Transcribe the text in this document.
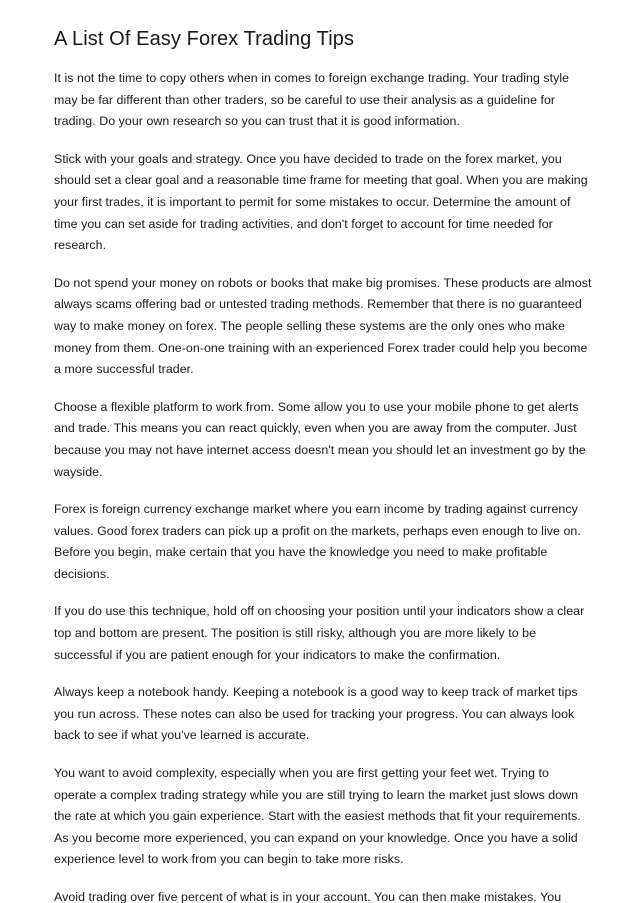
A List Of Easy Forex Trading Tips

It is not the time to copy others when in comes to foreign exchange trading. Your trading style may be far different than other traders, so be careful to use their analysis as a guideline for trading. Do your own research so you can trust that it is good information.

Stick with your goals and strategy. Once you have decided to trade on the forex market, you should set a clear goal and a reasonable time frame for meeting that goal. When you are making your first trades, it is important to permit for some mistakes to occur. Determine the amount of time you can set aside for trading activities, and don't forget to account for time needed for research.

Do not spend your money on robots or books that make big promises. These products are almost always scams offering bad or untested trading methods. Remember that there is no guaranteed way to make money on forex. The people selling these systems are the only ones who make money from them. One-on-one training with an experienced Forex trader could help you become a more successful trader.

Choose a flexible platform to work from. Some allow you to use your mobile phone to get alerts and trade. This means you can react quickly, even when you are away from the computer. Just because you may not have internet access doesn't mean you should let an investment go by the wayside.

Forex is foreign currency exchange market where you earn income by trading against currency values. Good forex traders can pick up a profit on the markets, perhaps even enough to live on. Before you begin, make certain that you have the knowledge you need to make profitable decisions.

If you do use this technique, hold off on choosing your position until your indicators show a clear top and bottom are present. The position is still risky, although you are more likely to be successful if you are patient enough for your indicators to make the confirmation.

Always keep a notebook handy. Keeping a notebook is a good way to keep track of market tips you run across. These notes can also be used for tracking your progress. You can always look back to see if what you've learned is accurate.

You want to avoid complexity, especially when you are first getting your feet wet. Trying to operate a complex trading strategy while you are still trying to learn the market just slows down the rate at which you gain experience. Start with the easiest methods that fit your requirements. As you become more experienced, you can expand on your knowledge. Once you have a solid experience level to work from you can begin to take more risks.

Avoid trading over five percent of what is in your account. You can then make mistakes. You
